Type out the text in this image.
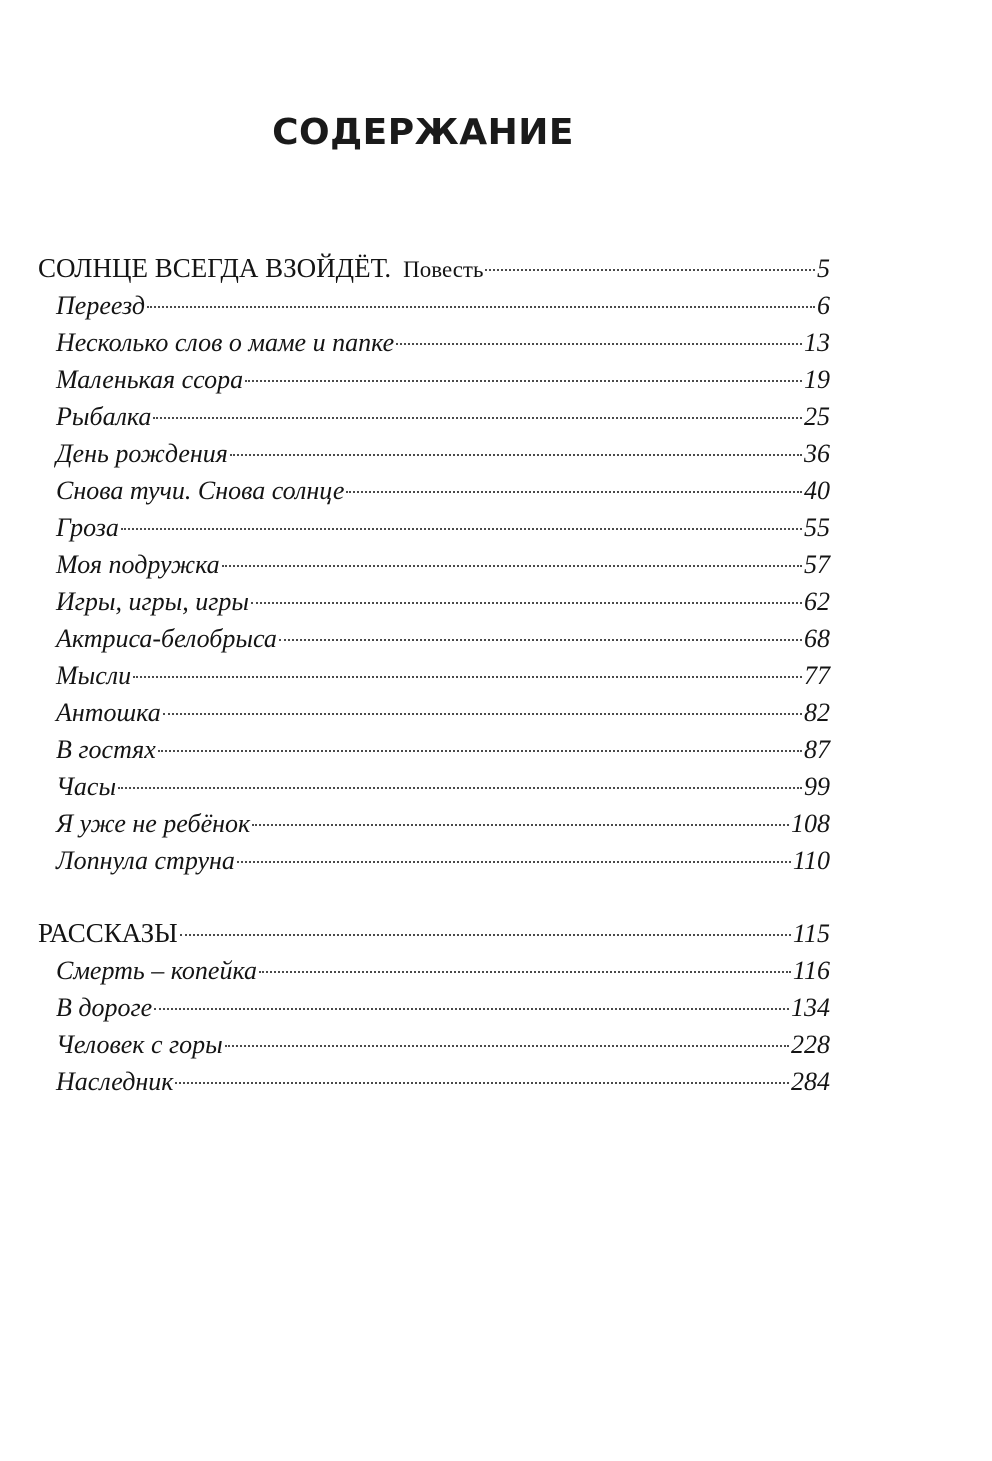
СОДЕРЖАНИЕ
СОЛНЦЕ ВСЕГДА ВЗОЙДЁТ. Повесть	5
Переезд	6
Несколько слов о маме и папке	13
Маленькая ссора	19
Рыбалка	25
День рождения	36
Снова тучи. Снова солнце	40
Гроза	55
Моя подружка	57
Игры, игры, игры	62
Актриса-белобрыса	68
Мысли	77
Антошка	82
В гостях	87
Часы	99
Я уже не ребёнок	108
Лопнула струна	110
РАССКАЗЫ	115
Смерть – копейка	116
В дороге	134
Человек с горы	228
Наследник	284
